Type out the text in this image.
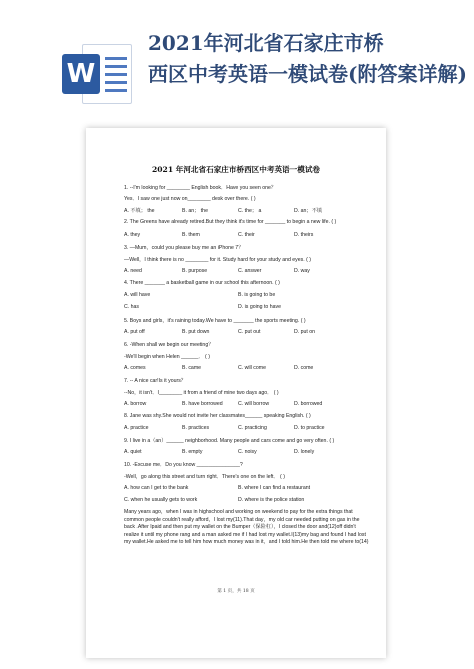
W
2021年河北省石家庄市桥
西区中考英语一模试卷(附答案详解)
2021 年河北省石家庄市桥西区中考英语一模试卷
1. --I'm looking for ________ English book．Have you seen one？
Yes．I saw one just now on________ desk over there. ( )
A. 不填； the	B. an； the	C. the； a	D. an；不填
2. The Greens have already retired.But they think it's time for _______ to begin a new life. ( )
A. they	B. them	C. their	D. theirs
3. —Mum，could you please buy me an iPhone 7？
—Well，I think there is no ________ for it. Study hard for your study and eyes. ( )
A. need	B. purpose	C. answer	D. way
4. There _______ a basketball game in our school this afternoon. ( )
A. will have	B. is going to be
C. has	D. is going to have
5. Boys and girls，it's raining today.We have to _______ the sports meeting. ( )
A. put off	B. put down	C. put out	D. put on
6. -When shall we begin our meeting？
-We'll begin when Helen ______． ( )
A. comes	B. came	C. will come	D. come
7. -- A nice car!Is it yours？
--No，it isn't．I________ it from a friend of mine two days ago． ( )
A. borrow	B. have borrowed	C. will borrow	D. borrowed
8. Jane was shy.She would not invite her classmates______ speaking English. ( )
A. practice	B. practices	C. practicing	D. to practice
9. I live in a（an）______ neighborhood. Many people and cars come and go very often. ( )
A. quiet	B. empty	C. noisy	D. lonely
10. -Excuse me．Do you know _______________?
-Well，go along this street and turn right．There's one on the left． ( )
A. how can I get to the bank	B. where I can find a restaurant
C. when he usually gets to work	D. where is the police station
Many years ago，when I was in highschool and working on weekend to pay for the extra things that
common people couldn't really afford，I lost my(11).That day，my old car needed putting on gas in the
back .After Ipaid and then put my wallet on the Bumper（保险杠），I closed the door and(12)off didn't
realize it until my phone rang and a man asked me if I had lost my wallet.I(13)my bag and found I had lost
my wallet.He asked me to tell him how much money was in it，and I told him.He then told me where to(14)
第 1 页，共 18 页
